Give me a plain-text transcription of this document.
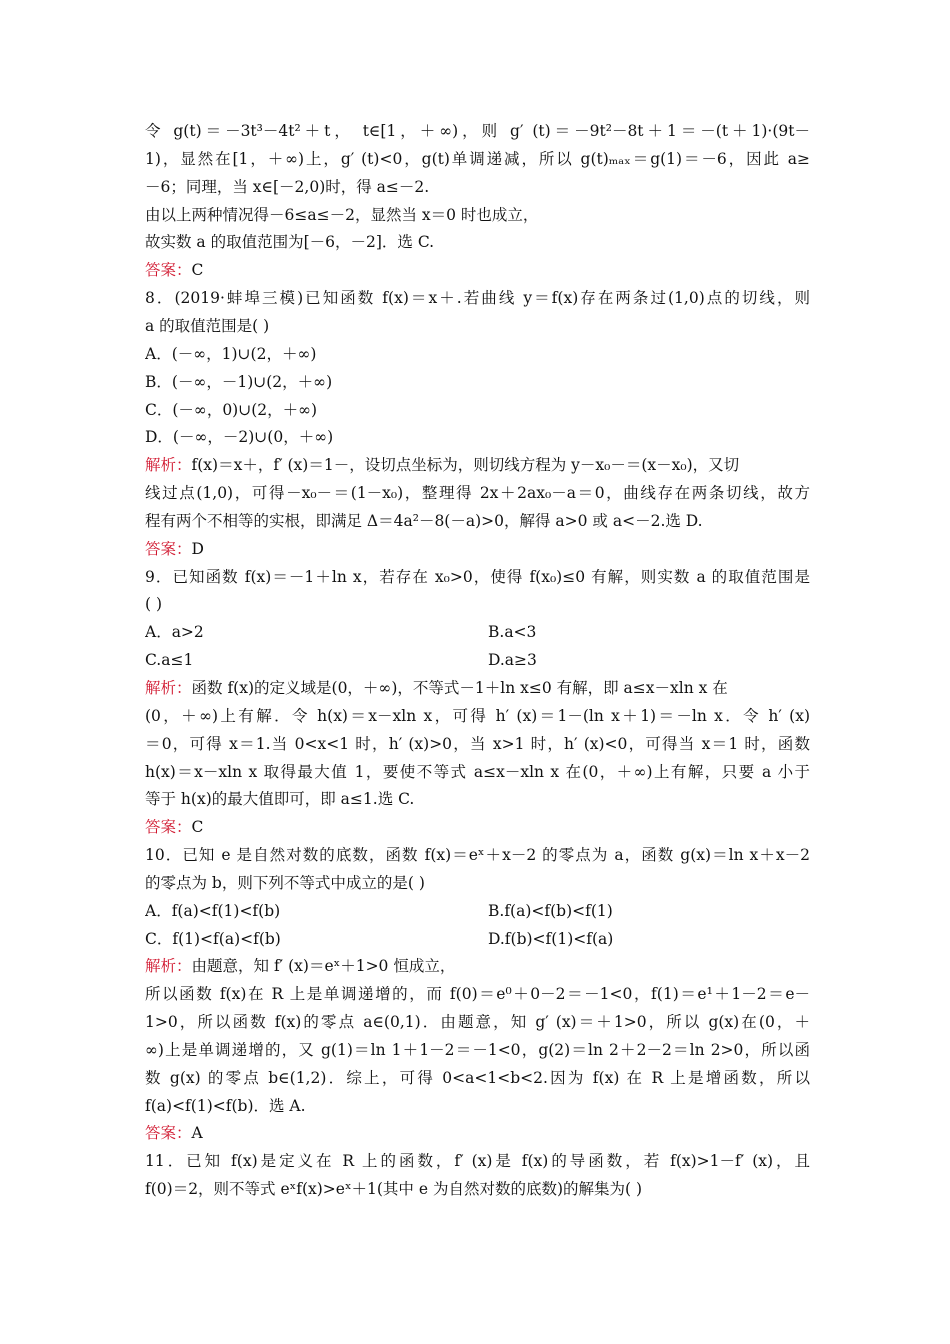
令 g(t)＝－3t³－4t²＋t， t∈[1，＋∞)，则 g′ (t)＝－9t²－8t＋1＝－(t＋1)·(9t－
1)，显然在[1，＋∞)上，g′ (t)<0，g(t)单调递减，所以 g(t)ₘₐₓ＝g(1)＝－6，因此 a≥
－6；同理，当 x∈[－2,0)时，得 a≤－2.
由以上两种情况得－6≤a≤－2，显然当 x＝0 时也成立，
故实数 a 的取值范围为[－6，－2]．选 C.
答案：C
8．(2019·蚌埠三模)已知函数 f(x)＝x＋.若曲线 y＝f(x)存在两条过(1,0)点的切线，则
a 的取值范围是( )
A．(－∞，1)∪(2，＋∞)
B．(－∞，－1)∪(2，＋∞)
C．(－∞，0)∪(2，＋∞)
D．(－∞，－2)∪(0，＋∞)
解析：f(x)＝x＋，f′ (x)＝1－，设切点坐标为，则切线方程为 y－x₀－＝(x－x₀)，又切
线过点(1,0)，可得－x₀－＝(1－x₀)，整理得 2x＋2ax₀－a＝0，曲线存在两条切线，故方
程有两个不相等的实根，即满足 Δ＝4a²－8(－a)>0，解得 a>0 或 a<－2.选 D.
答案：D
9．已知函数 f(x)＝－1＋ln x，若存在 x₀>0，使得 f(x₀)≤0 有解，则实数 a 的取值范围是
( )
A．a>2	B.a<3
C.a≤1	D.a≥3
解析：函数 f(x)的定义域是(0，＋∞)，不等式－1＋ln x≤0 有解，即 a≤x－xln x 在
(0，＋∞)上有解．令 h(x)＝x－xln x，可得 h′ (x)＝1－(ln x＋1)＝－ln x．令 h′ (x)
＝0，可得 x＝1.当 0<x<1 时，h′ (x)>0，当 x>1 时，h′ (x)<0，可得当 x＝1 时，函数
h(x)＝x－xln x 取得最大值 1，要使不等式 a≤x－xln x 在(0，＋∞)上有解，只要 a 小于
等于 h(x)的最大值即可，即 a≤1.选 C.
答案：C
10．已知 e 是自然对数的底数，函数 f(x)＝eˣ＋x－2 的零点为 a，函数 g(x)＝ln x＋x－2
的零点为 b，则下列不等式中成立的是( )
A．f(a)<f(1)<f(b)	B.f(a)<f(b)<f(1)
C．f(1)<f(a)<f(b)	D.f(b)<f(1)<f(a)
解析：由题意，知 f′ (x)＝eˣ＋1>0 恒成立，
所以函数 f(x)在 R 上是单调递增的，而 f(0)＝e⁰＋0－2＝－1<0，f(1)＝e¹＋1－2＝e－
1>0，所以函数 f(x)的零点 a∈(0,1)．由题意，知 g′ (x)＝＋1>0，所以 g(x)在(0，＋
∞)上是单调递增的，又 g(1)＝ln 1＋1－2＝－1<0，g(2)＝ln 2＋2－2＝ln 2>0，所以函
数 g(x) 的零点 b∈(1,2)．综上，可得 0<a<1<b<2.因为 f(x) 在 R 上是增函数，所以
f(a)<f(1)<f(b)．选 A.
答案：A
11．已知 f(x)是定义在 R 上的函数，f′ (x)是 f(x)的导函数，若 f(x)>1－f′ (x)，且
f(0)＝2，则不等式 eˣf(x)>eˣ＋1(其中 e 为自然对数的底数)的解集为( )
